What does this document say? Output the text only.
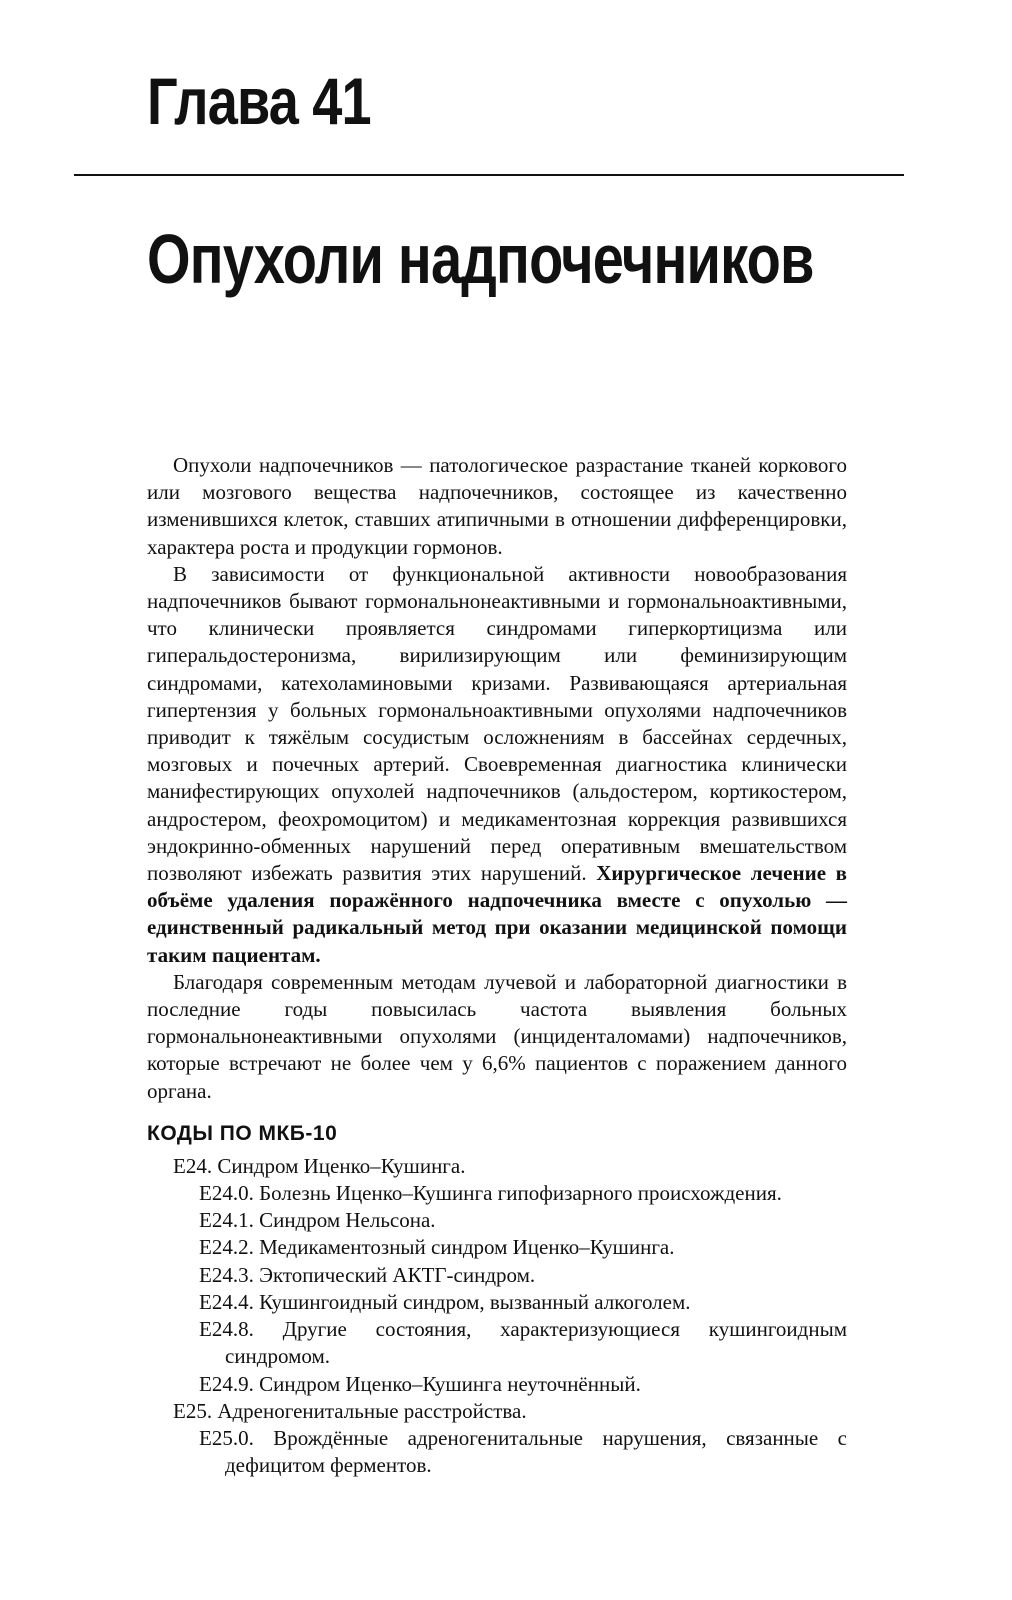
Глава 41
Опухоли надпочечников

Опухоли надпочечников — патологическое разрастание тканей коркового или мозгового вещества надпочечников, состоящее из качественно изменившихся клеток, ставших атипичными в отношении дифференцировки, характера роста и продукции гормонов.

В зависимости от функциональной активности новообразования надпочечников бывают гормональнонеактивными и гормональноактивными, что клинически проявляется синдромами гиперкортицизма или гиперальдостеронизма, вирилизирующим или феминизирующим синдромами, катехоламиновыми кризами. Развивающаяся артериальная гипертензия у больных гормональноактивными опухолями надпочечников приводит к тяжёлым сосудистым осложнениям в бассейнах сердечных, мозговых и почечных артерий. Своевременная диагностика клинически манифестирующих опухолей надпочечников (альдостером, кортикостером, андростером, феохромоцитом) и медикаментозная коррекция развившихся эндокринно-обменных нарушений перед оперативным вмешательством позволяют избежать развития этих нарушений. Хирургическое лечение в объёме удаления поражённого надпочечника вместе с опухолью — единственный радикальный метод при оказании медицинской помощи таким пациентам.

Благодаря современным методам лучевой и лабораторной диагностики в последние годы повысилась частота выявления больных гормональнонеактивными опухолями (инциденталомами) надпочечников, которые встречают не более чем у 6,6% пациентов с поражением данного органа.

КОДЫ ПО МКБ-10
E24. Синдром Иценко–Кушинга.
E24.0. Болезнь Иценко–Кушинга гипофизарного происхождения.
E24.1. Синдром Нельсона.
E24.2. Медикаментозный синдром Иценко–Кушинга.
E24.3. Эктопический АКТГ-синдром.
E24.4. Кушингоидный синдром, вызванный алкоголем.
E24.8. Другие состояния, характеризующиеся кушингоидным синдромом.
E24.9. Синдром Иценко–Кушинга неуточнённый.
E25. Адреногенитальные расстройства.
E25.0. Врождённые адреногенитальные нарушения, связанные с дефицитом ферментов.
